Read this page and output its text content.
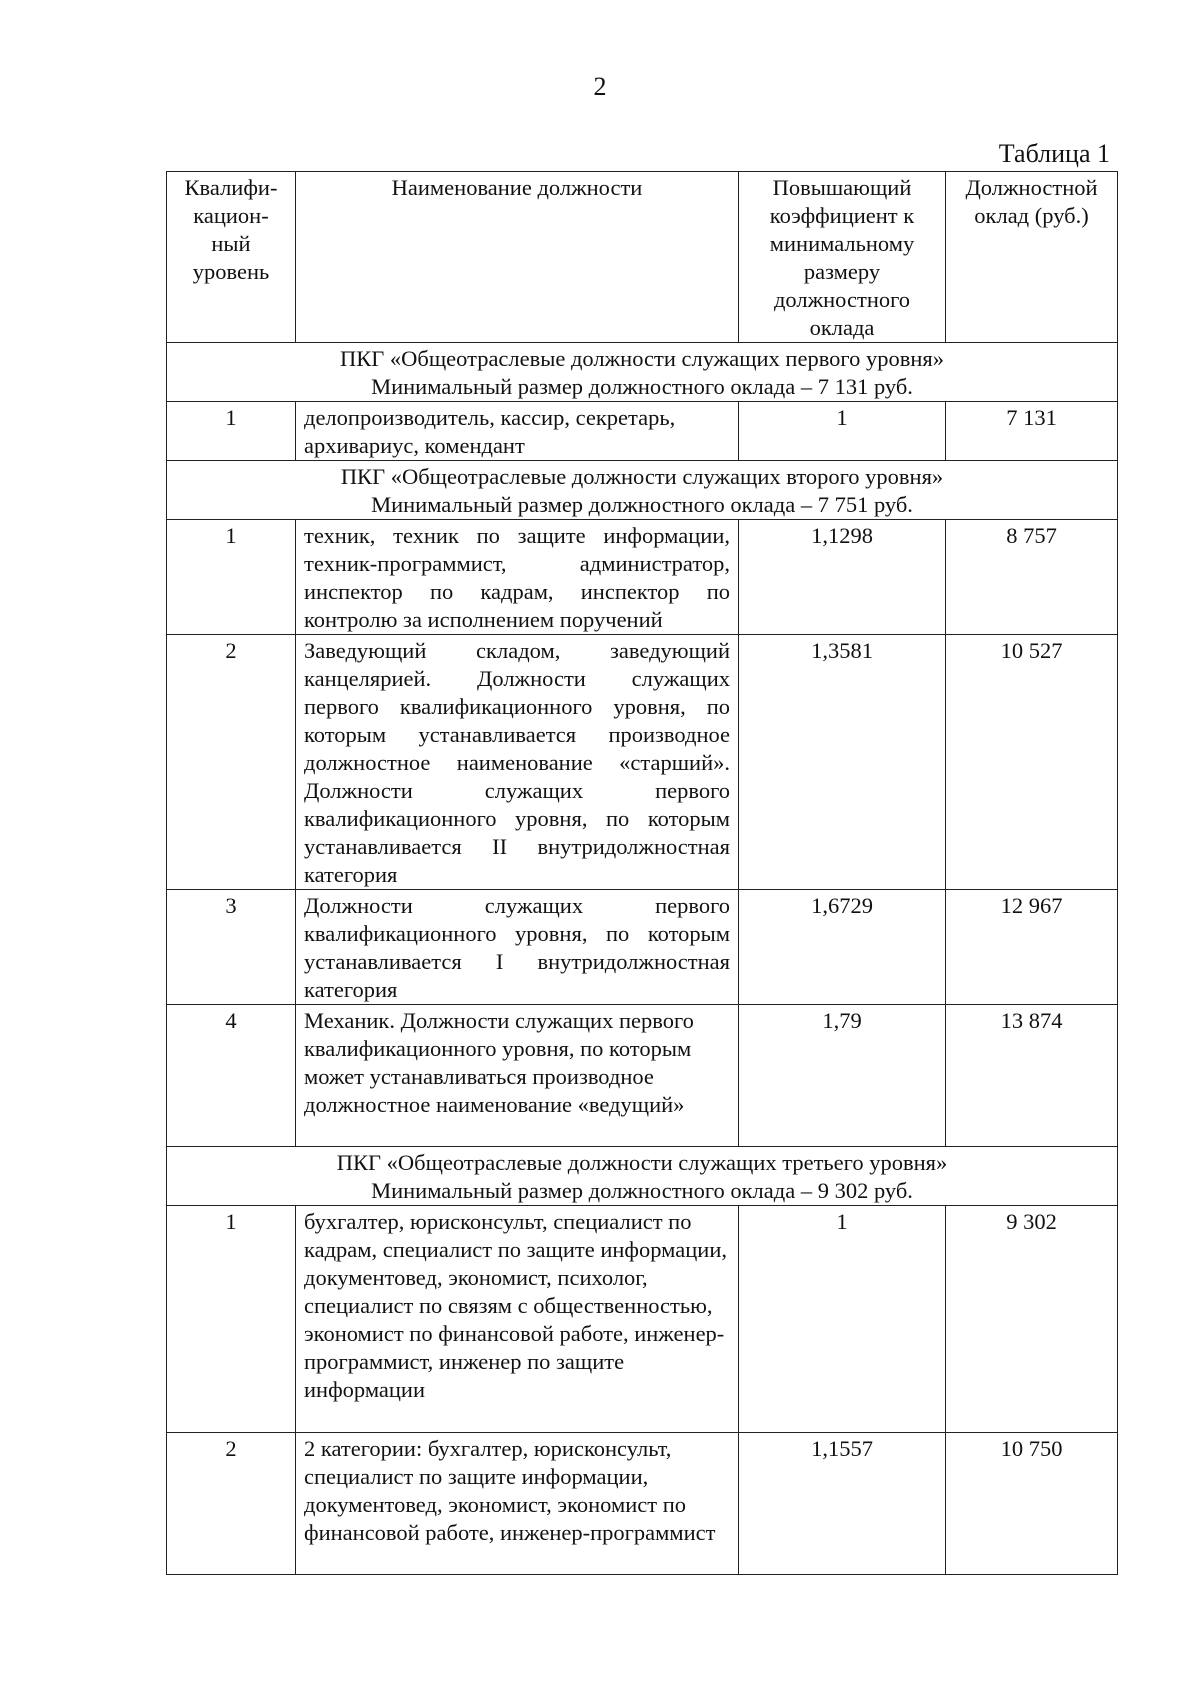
2
Таблица 1
Квалифи-кацион-ный уровень	Наименование должности	Повышающий коэффициент к минимальному размеру должностного оклада	Должностной оклад (руб.)

ПКГ «Общеотраслевые должности служащих первого уровня»
Минимальный размер должностного оклада – 7 131 руб.			

1	делопроизводитель, кассир, секретарь, архивариус, комендант	1	7 131

ПКГ «Общеотраслевые должности служащих второго уровня»
Минимальный размер должностного оклада – 7 751 руб.			

1	техник, техник по защите информации, техник-программист, администратор, инспектор по кадрам, инспектор по контролю за исполнением поручений	1,1298	8 757
2	Заведующий складом, заведующий канцелярией. Должности служащих первого квалификационного уровня, по которым устанавливается производное должностное наименование «старший». Должности служащих первого квалификационного уровня, по которым устанавливается II внутридолжностная категория	1,3581	10 527
3	Должности служащих первого квалификационного уровня, по которым устанавливается I внутридолжностная категория	1,6729	12 967
4	Механик. Должности служащих первого квалификационного уровня, по которым может устанавливаться производное должностное наименование «ведущий»	1,79	13 874

ПКГ «Общеотраслевые должности служащих третьего уровня»
Минимальный размер должностного оклада – 9 302 руб.			

1	бухгалтер, юрисконсульт, специалист по кадрам, специалист по защите информации, документовед, экономист, психолог, специалист по связям с общественностью, экономист по финансовой работе, инженер-программист, инженер по защите информации	1	9 302
2	2 категории: бухгалтер, юрисконсульт, специалист по защите информации, документовед, экономист, экономист по финансовой работе, инженер-программист	1,1557	10 750
